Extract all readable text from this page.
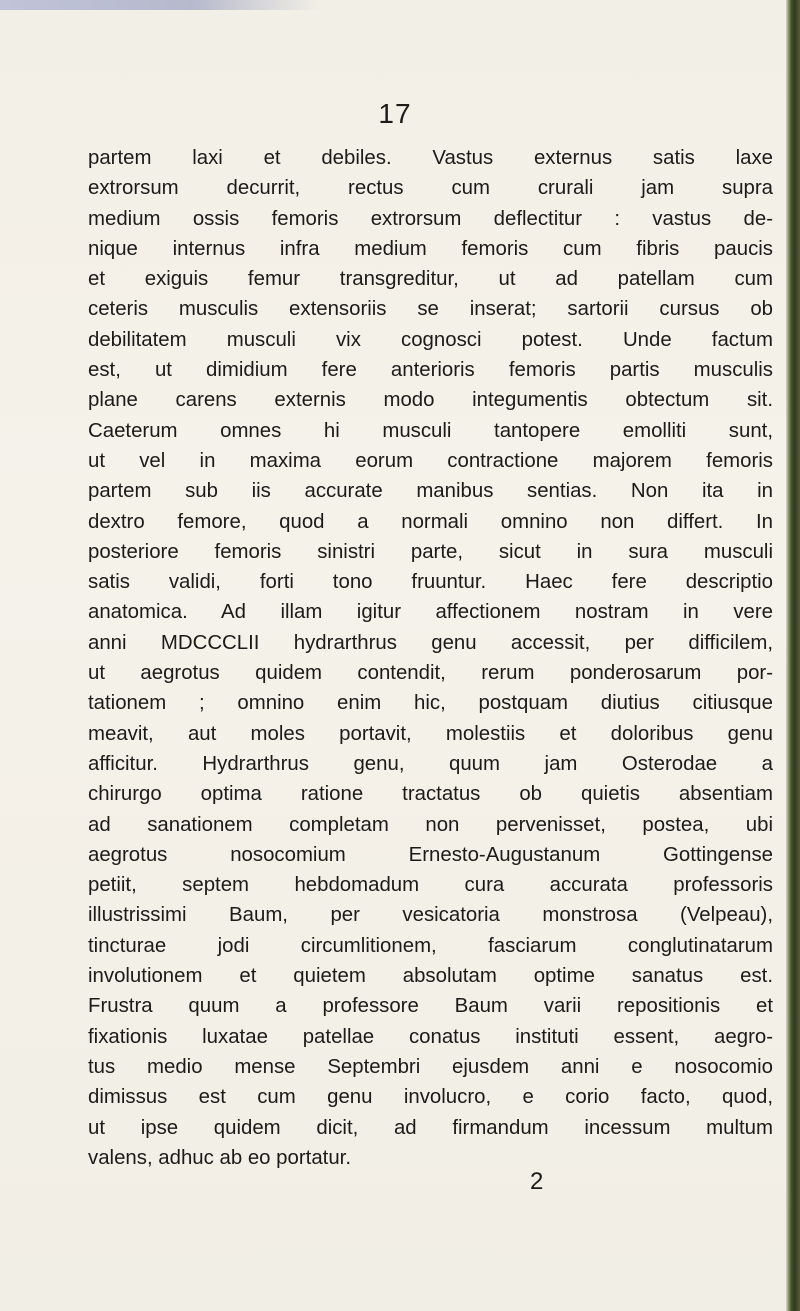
17
partem laxi et debiles. Vastus externus satis laxe
extrorsum decurrit, rectus cum crurali jam supra
medium ossis femoris extrorsum deflectitur : vastus de-
nique internus infra medium femoris cum fibris paucis
et exiguis femur transgreditur, ut ad patellam cum
ceteris musculis extensoriis se inserat; sartorii cursus ob
debilitatem musculi vix cognosci potest. Unde factum
est, ut dimidium fere anterioris femoris partis musculis
plane carens externis modo integumentis obtectum sit.
Caeterum omnes hi musculi tantopere emolliti sunt,
ut vel in maxima eorum contractione majorem femoris
partem sub iis accurate manibus sentias. Non ita in
dextro femore, quod a normali omnino non differt. In
posteriore femoris sinistri parte, sicut in sura musculi
satis validi, forti tono fruuntur. Haec fere descriptio
anatomica. Ad illam igitur affectionem nostram in vere
anni MDCCCLII hydrarthrus genu accessit, per difficilem,
ut aegrotus quidem contendit, rerum ponderosarum por-
tationem ; omnino enim hic, postquam diutius citiusque
meavit, aut moles portavit, molestiis et doloribus genu
afficitur. Hydrarthrus genu, quum jam Osterodae a
chirurgo optima ratione tractatus ob quietis absentiam
ad sanationem completam non pervenisset, postea, ubi
aegrotus nosocomium Ernesto-Augustanum Gottingense
petiit, septem hebdomadum cura accurata professoris
illustrissimi Baum, per vesicatoria monstrosa (Velpeau),
tincturae jodi circumlitionem, fasciarum conglutinatarum
involutionem et quietem absolutam optime sanatus est.
Frustra quum a professore Baum varii repositionis et
fixationis luxatae patellae conatus instituti essent, aegro-
tus medio mense Septembri ejusdem anni e nosocomio
dimissus est cum genu involucro, e corio facto, quod,
ut ipse quidem dicit, ad firmandum incessum multum
valens, adhuc ab eo portatur.
2
